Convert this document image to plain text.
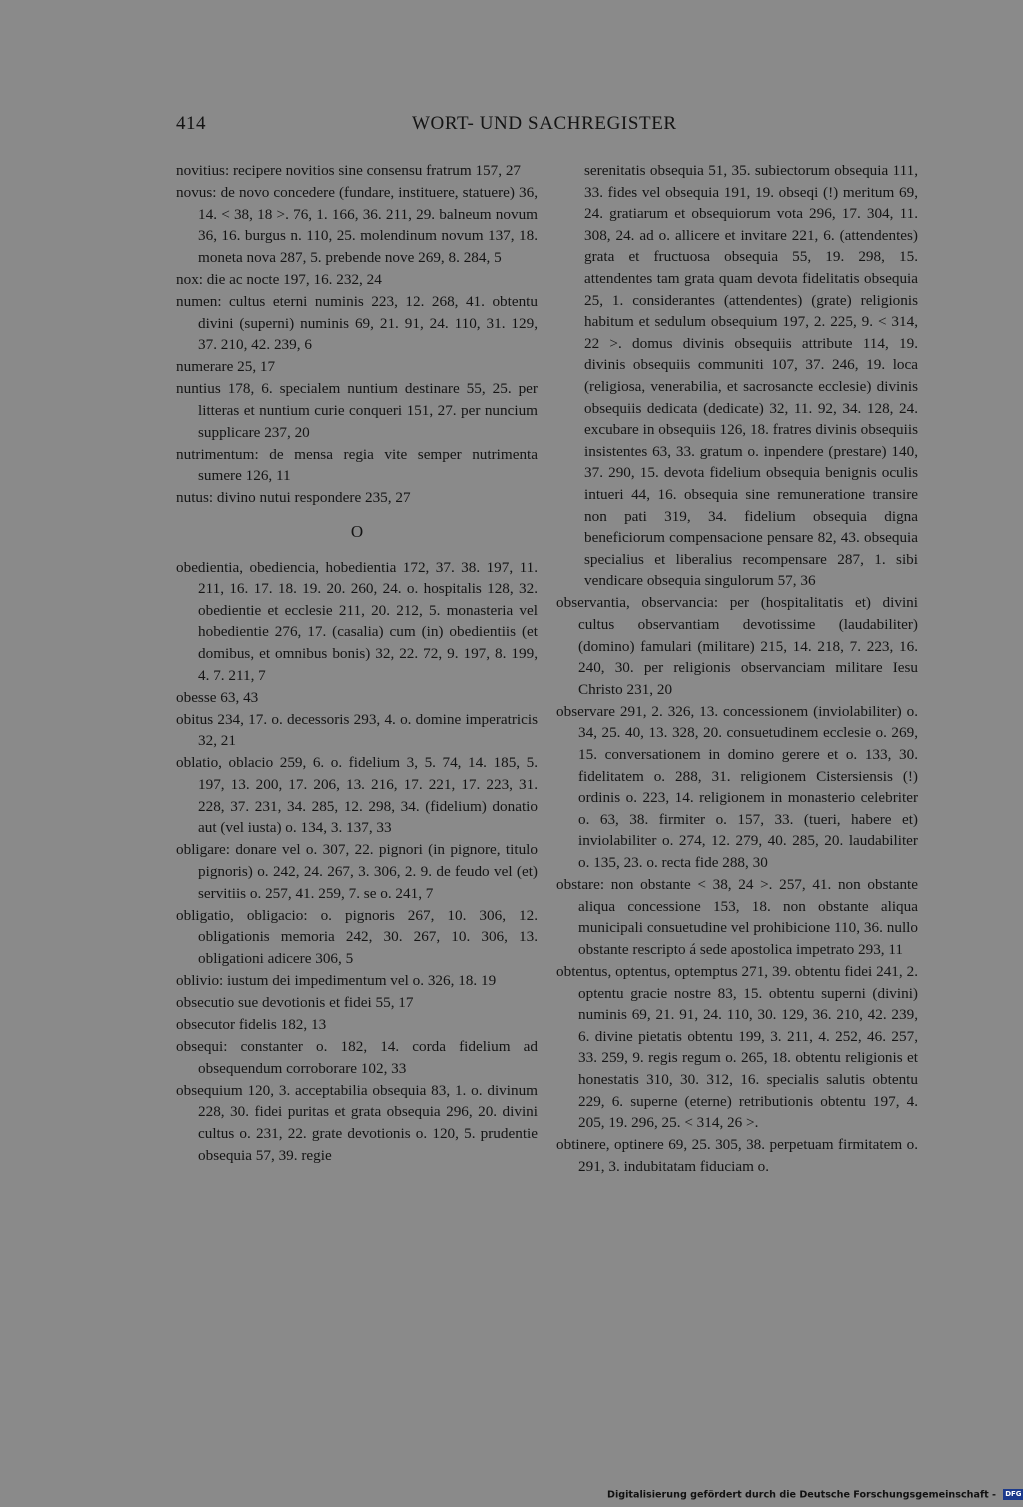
414	WORT- UND SACHREGISTER

novitius: recipere novitios sine consensu fratrum 157, 27

novus: de novo concedere (fundare, instituere, statuere) 36, 14. < 38, 18 >. 76, 1. 166, 36. 211, 29. balneum novum 36, 16. burgus n. 110, 25. molendinum novum 137, 18. moneta nova 287, 5. prebende nove 269, 8. 284, 5

nox: die ac nocte 197, 16. 232, 24

numen: cultus eterni numinis 223, 12. 268, 41. obtentu divini (superni) numinis 69, 21. 91, 24. 110, 31. 129, 37. 210, 42. 239, 6

numerare 25, 17

nuntius 178, 6. specialem nuntium destinare 55, 25. per litteras et nuntium curie conqueri 151, 27. per nuncium supplicare 237, 20

nutrimentum: de mensa regia vite semper nutrimenta sumere 126, 11

nutus: divino nutui respondere 235, 27

O

obedientia, obediencia, hobedientia 172, 37. 38. 197, 11. 211, 16. 17. 18. 19. 20. 260, 24. o. hospitalis 128, 32. obedientie et ecclesie 211, 20. 212, 5. monasteria vel hobedientie 276, 17. (casalia) cum (in) obedientiis (et domibus, et omnibus bonis) 32, 22. 72, 9. 197, 8. 199, 4. 7. 211, 7

obesse 63, 43

obitus 234, 17. o. decessoris 293, 4. o. domine imperatricis 32, 21

oblatio, oblacio 259, 6. o. fidelium 3, 5. 74, 14. 185, 5. 197, 13. 200, 17. 206, 13. 216, 17. 221, 17. 223, 31. 228, 37. 231, 34. 285, 12. 298, 34. (fidelium) donatio aut (vel iusta) o. 134, 3. 137, 33

obligare: donare vel o. 307, 22. pignori (in pignore, titulo pignoris) o. 242, 24. 267, 3. 306, 2. 9. de feudo vel (et) servitiis o. 257, 41. 259, 7. se o. 241, 7

obligatio, obligacio: o. pignoris 267, 10. 306, 12. obligationis memoria 242, 30. 267, 10. 306, 13. obligationi adicere 306, 5

oblivio: iustum dei impedimentum vel o. 326, 18. 19

obsecutio sue devotionis et fidei 55, 17

obsecutor fidelis 182, 13

obsequi: constanter o. 182, 14. corda fidelium ad obsequendum corroborare 102, 33

obsequium 120, 3. acceptabilia obsequia 83, 1. o. divinum 228, 30. fidei puritas et grata obsequia 296, 20. divini cultus o. 231, 22. grate devotionis o. 120, 5. prudentie obsequia 57, 39. regie

serenitatis obsequia 51, 35. subiectorum obsequia 111, 33. fides vel obsequia 191, 19. obseqi (!) meritum 69, 24. gratiarum et obsequiorum vota 296, 17. 304, 11. 308, 24. ad o. allicere et invitare 221, 6. (attendentes) grata et fructuosa obsequia 55, 19. 298, 15. attendentes tam grata quam devota fidelitatis obsequia 25, 1. considerantes (attendentes) (grate) religionis habitum et sedulum obsequium 197, 2. 225, 9. < 314, 22 >. domus divinis obsequiis attribute 114, 19. divinis obsequiis communiti 107, 37. 246, 19. loca (religiosa, venerabilia, et sacrosancte ecclesie) divinis obsequiis dedicata (dedicate) 32, 11. 92, 34. 128, 24. excubare in obsequiis 126, 18. fratres divinis obsequiis insistentes 63, 33. gratum o. inpendere (prestare) 140, 37. 290, 15. devota fidelium obsequia benignis oculis intueri 44, 16. obsequia sine remuneratione transire non pati 319, 34. fidelium obsequia digna beneficiorum compensacione pensare 82, 43. obsequia specialius et liberalius recompensare 287, 1. sibi vendicare obsequia singulorum 57, 36

observantia, observancia: per (hospitalitatis et) divini cultus observantiam devotissime (laudabiliter) (domino) famulari (militare) 215, 14. 218, 7. 223, 16. 240, 30. per religionis observanciam militare Iesu Christo 231, 20

observare 291, 2. 326, 13. concessionem (inviolabiliter) o. 34, 25. 40, 13. 328, 20. consuetudinem ecclesie o. 269, 15. conversationem in domino gerere et o. 133, 30. fidelitatem o. 288, 31. religionem Cistersiensis (!) ordinis o. 223, 14. religionem in monasterio celebriter o. 63, 38. firmiter o. 157, 33. (tueri, habere et) inviolabiliter o. 274, 12. 279, 40. 285, 20. laudabiliter o. 135, 23. o. recta fide 288, 30

obstare: non obstante < 38, 24 >. 257, 41. non obstante aliqua concessione 153, 18. non obstante aliqua municipali consuetudine vel prohibicione 110, 36. nullo obstante rescripto á sede apostolica impetrato 293, 11

obtentus, optentus, optemptus 271, 39. obtentu fidei 241, 2. optentu gracie nostre 83, 15. obtentu superni (divini) numinis 69, 21. 91, 24. 110, 30. 129, 36. 210, 42. 239, 6. divine pietatis obtentu 199, 3. 211, 4. 252, 46. 257, 33. 259, 9. regis regum o. 265, 18. obtentu religionis et honestatis 310, 30. 312, 16. specialis salutis obtentu 229, 6. superne (eterne) retributionis obtentu 197, 4. 205, 19. 296, 25. < 314, 26 >.

obtinere, optinere 69, 25. 305, 38. perpetuam firmitatem o. 291, 3. indubitatam fiduciam o.

Digitalisierung gefördert durch die Deutsche Forschungsgemeinschaft - DFG
